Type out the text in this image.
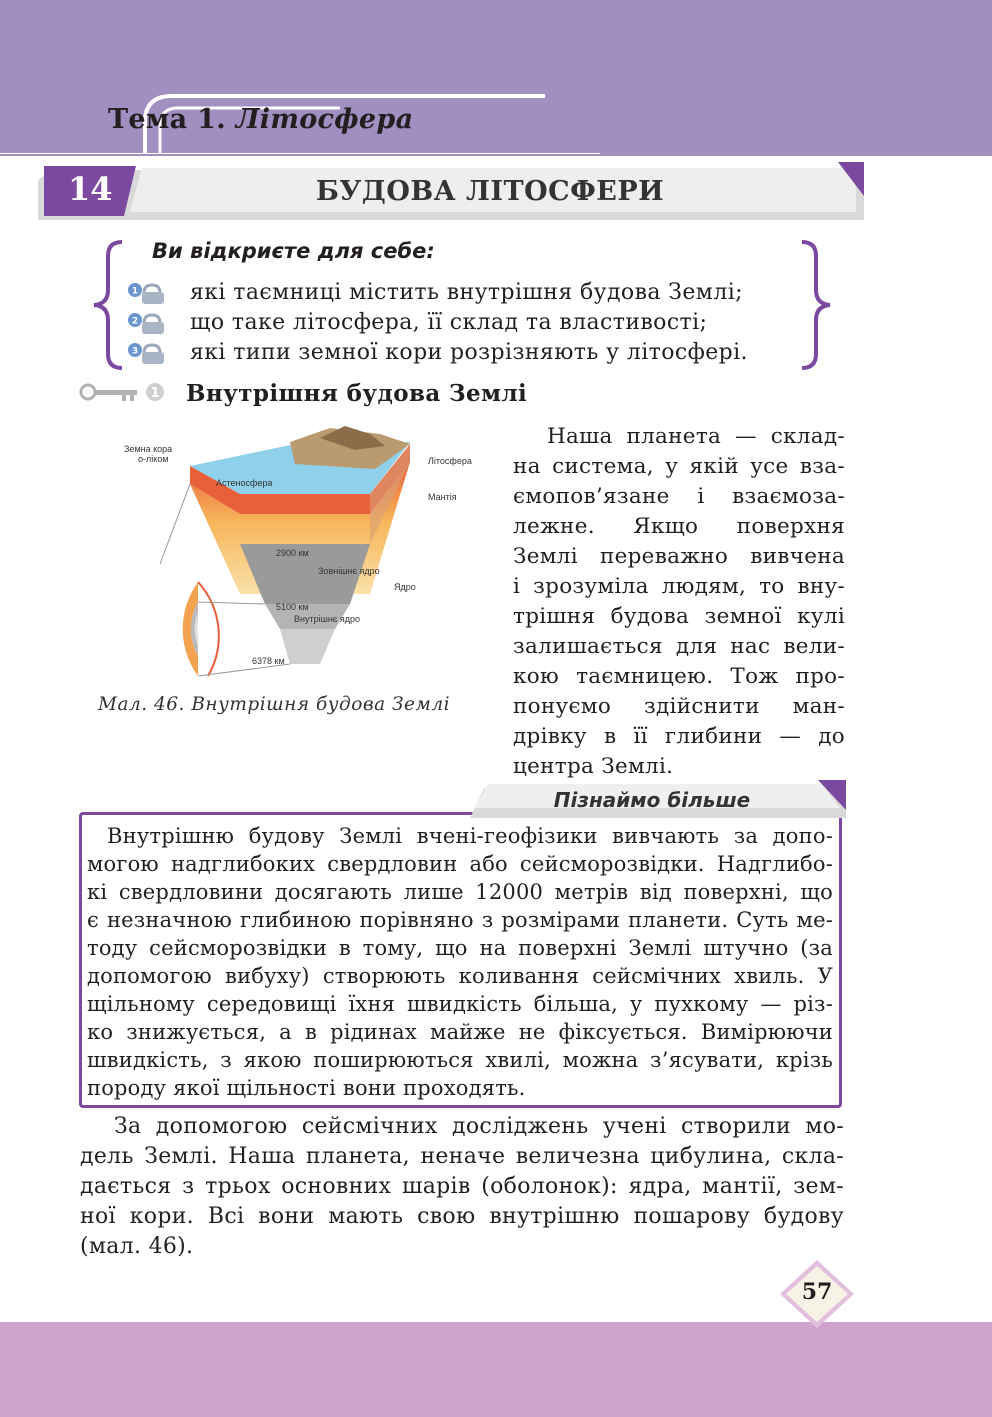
Тема 1. Літосфера
14	БУДОВА ЛІТОСФЕРИ
Ви відкриєте для себе:
1 які таємниці містить внутрішня будова Землі;
2 що таке літосфера, її склад та властивості;
3 які типи земної кори розрізняють у літосфері.
1 Внутрішня будова Землі
Земна кора
о-ліком	Літосфера
Астеносфера
Мантія
2900 км
Зовнішнє ядро
Ядро
5100 км
Внутрішнє ядро
6378 км
Мал. 46. Внутрішня будова Землі
Наша планета — склад-
на система, у якій усе вза-
ємопов’язане і взаємоза-
лежне. Якщо поверхня
Землі переважно вивчена
і зрозуміла людям, то вну-
трішня будова земної кулі
залишається для нас вели-
кою таємницею. Тож про-
понуємо здійснити ман-
дрівку в її глибини — до
центра Землі.
Пізнаймо більше
Внутрішню будову Землі вчені-геофізики вивчають за допо-
могою надглибоких свердловин або сейсморозвідки. Надглибо-
кі свердловини досягають лише 12000 метрів від поверхні, що
є незначною глибиною порівняно з розмірами планети. Суть ме-
тоду сейсморозвідки в тому, що на поверхні Землі штучно (за
допомогою вибуху) створюють коливання сейсмічних хвиль. У
щільному середовищі їхня швидкість більша, у пухкому — різ-
ко знижується, а в рідинах майже не фіксується. Вимірюючи
швидкість, з якою поширюються хвилі, можна з’ясувати, крізь
породу якої щільності вони проходять.
За допомогою сейсмічних досліджень учені створили мо-
дель Землі. Наша планета, неначе величезна цибулина, скла-
дається з трьох основних шарів (оболонок): ядра, мантії, зем-
ної кори. Всі вони мають свою внутрішню пошарову будову
(мал. 46).
57
